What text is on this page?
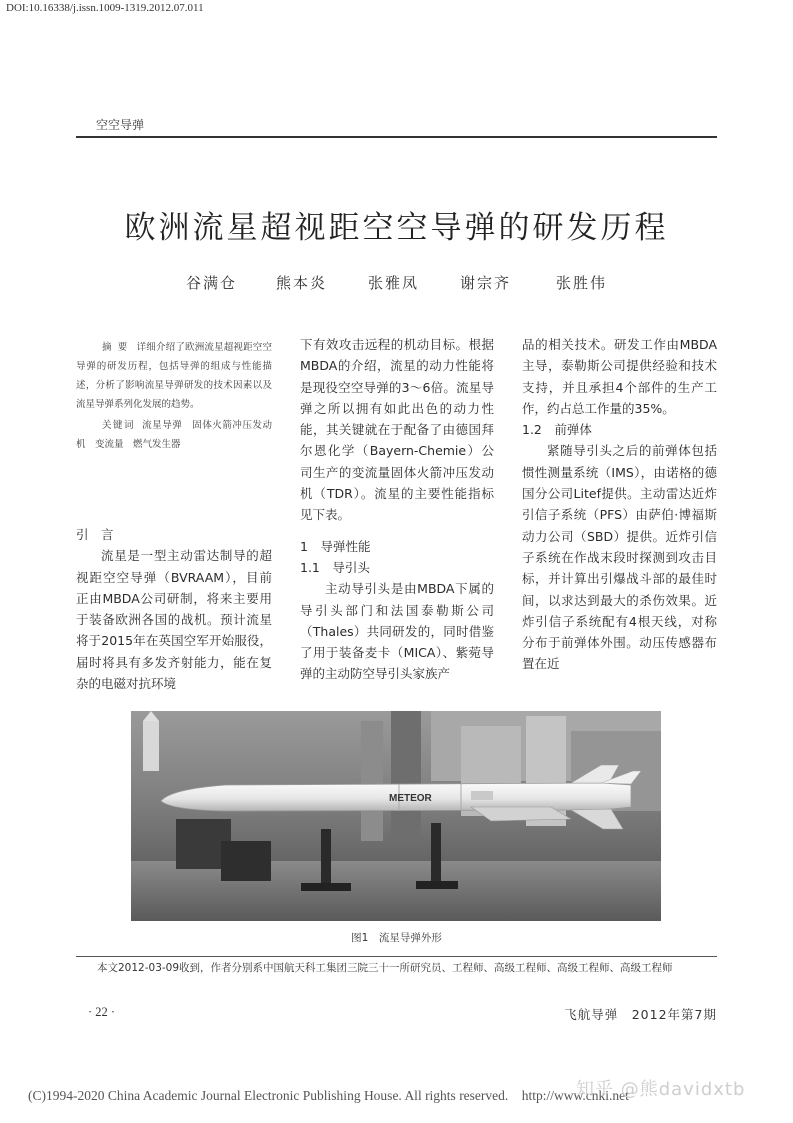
DOI:10.16338/j.issn.1009-1319.2012.07.011
空空导弹
欧洲流星超视距空空导弹的研发历程
谷满仓	熊本炎	张雅凤	谢宗齐	张胜伟

摘要 详细介绍了欧洲流星超视距空空导弹的研发历程，包括导弹的组成与性能描述，分析了影响流星导弹研发的技术因素以及流星导弹系列化发展的趋势。

关键词 流星导弹　固体火箭冲压发动机　变流量　燃气发生器

引　言

流星是一型主动雷达制导的超视距空空导弹（BVRAAM），目前正由MBDA公司研制，将来主要用于装备欧洲各国的战机。预计流星将于2015年在英国空军开始服役，届时将具有多发齐射能力，能在复杂的电磁对抗环境

下有效攻击远程的机动目标。根据MBDA的介绍，流星的动力性能将是现役空空导弹的3～6倍。流星导弹之所以拥有如此出色的动力性能，其关键就在于配备了由德国拜尔恩化学（Bayern-Chemie）公司生产的变流量固体火箭冲压发动机（TDR）。流星的主要性能指标见下表。

1　导弹性能

1.1　导引头

主动导引头是由MBDA下属的导引头部门和法国泰勒斯公司（Thales）共同研发的，同时借鉴了用于装备麦卡（MICA）、紫菀导弹的主动防空导引头家族产

品的相关技术。研发工作由MBDA主导，泰勒斯公司提供经验和技术支持，并且承担4个部件的生产工作，约占总工作量的35%。

1.2　前弹体

紧随导引头之后的前弹体包括惯性测量系统（IMS），由诺格的德国分公司Litef提供。主动雷达近炸引信子系统（PFS）由萨伯·博福斯动力公司（SBD）提供。近炸引信子系统在作战末段时探测到攻击目标，并计算出引爆战斗部的最佳时间，以求达到最大的杀伤效果。近炸引信子系统配有4根天线，对称分布于前弹体外围。动压传感器布置在近

METEOR
图1　流星导弹外形
本文2012-03-09收到，作者分别系中国航天科工集团三院三十一所研究员、工程师、高级工程师、高级工程师、高级工程师
· 22 ·	飞航导弹　2012年第7期
(C)1994-2020 China Academic Journal Electronic Publishing House. All rights reserved.　http://www.cnki.net
知乎 @熊davidxtb
